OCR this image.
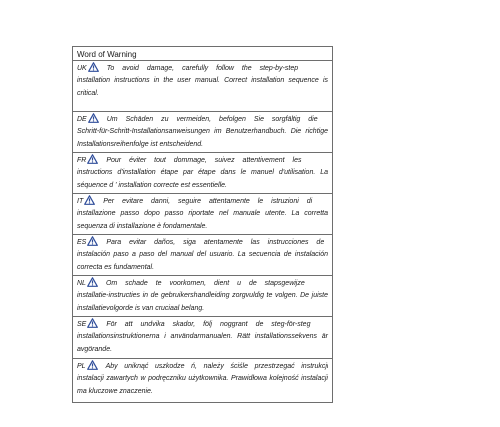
Word of Warning
UK	To avoid damage, carefully follow the step-by-step
installation instructions in the user manual. Correct installation sequence is critical.
DE	Um Schäden zu vermeiden, befolgen Sie sorgfältig die
Schritt-für-Schritt-Installationsanweisungen im Benutzerhandbuch. Die richtige Installationsreihenfolge ist entscheidend.
FR	Pour éviter tout dommage, suivez attentivement les
instructions d'installation étape par étape dans le manuel d'utilisation. La séquence d ' installation correcte est essentielle.
IT	Per evitare danni, seguire attentamente le istruzioni di
installazione passo dopo passo riportate nel manuale utente. La corretta sequenza di installazione è fondamentale.
ES	Para evitar daños, siga atentamente las instrucciones de
instalación paso a paso del manual del usuario. La secuencia de instalación correcta es fundamental.
NL	Om schade te voorkomen, dient u de stapsgewijze
installatie-instructies in de gebruikershandleiding zorgvuldig te volgen. De juiste installatievolgorde is van cruciaal belang.
SE	För att undvika skador, följ noggrant de steg-för-steg
installationsinstruktionerna i användarmanualen. Rätt installationssekvens är avgörande.
PL	Aby uniknąć uszkodze ń, należy ściśle przestrzegać instrukcji
instalacji zawartych w podręczniku użytkownika. Prawidłowa kolejność instalacji ma kluczowe znaczenie.
